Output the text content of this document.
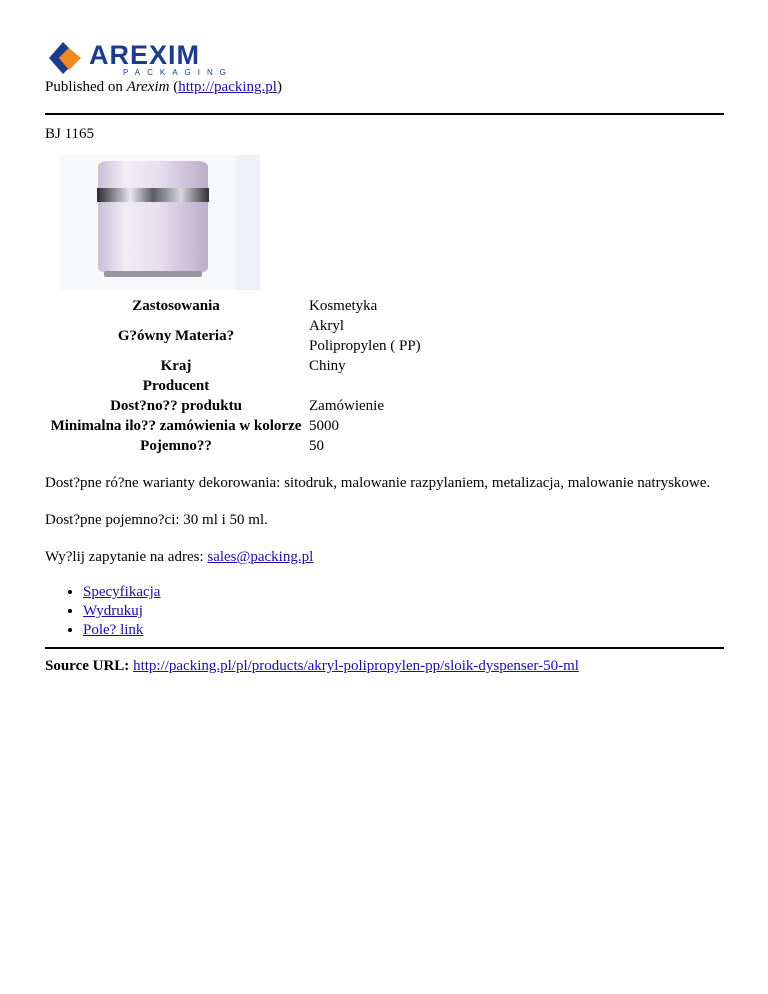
AREXIM
PACKAGING
Published on Arexim (http://packing.pl)
BJ 1165
Zastosowania	Kosmetyka

G?ówny Materia?	Akryl
Polipropylen ( PP)

Kraj	Chiny

Producent	

Dost?no?? produktu	Zamówienie

Minimalna ilo?? zamówienia w kolorze	5000

Pojemno??	50

Dost?pne ró?ne warianty dekorowania: sitodruk, malowanie razpylaniem, metalizacja, malowanie natryskowe.

Dost?pne pojemno?ci: 30 ml i 50 ml.

Wy?lij zapytanie na adres: sales@packing.pl

• Specyfikacja
• Wydrukuj
• Pole? link
Source URL: http://packing.pl/pl/products/akryl-polipropylen-pp/sloik-dyspenser-50-ml
